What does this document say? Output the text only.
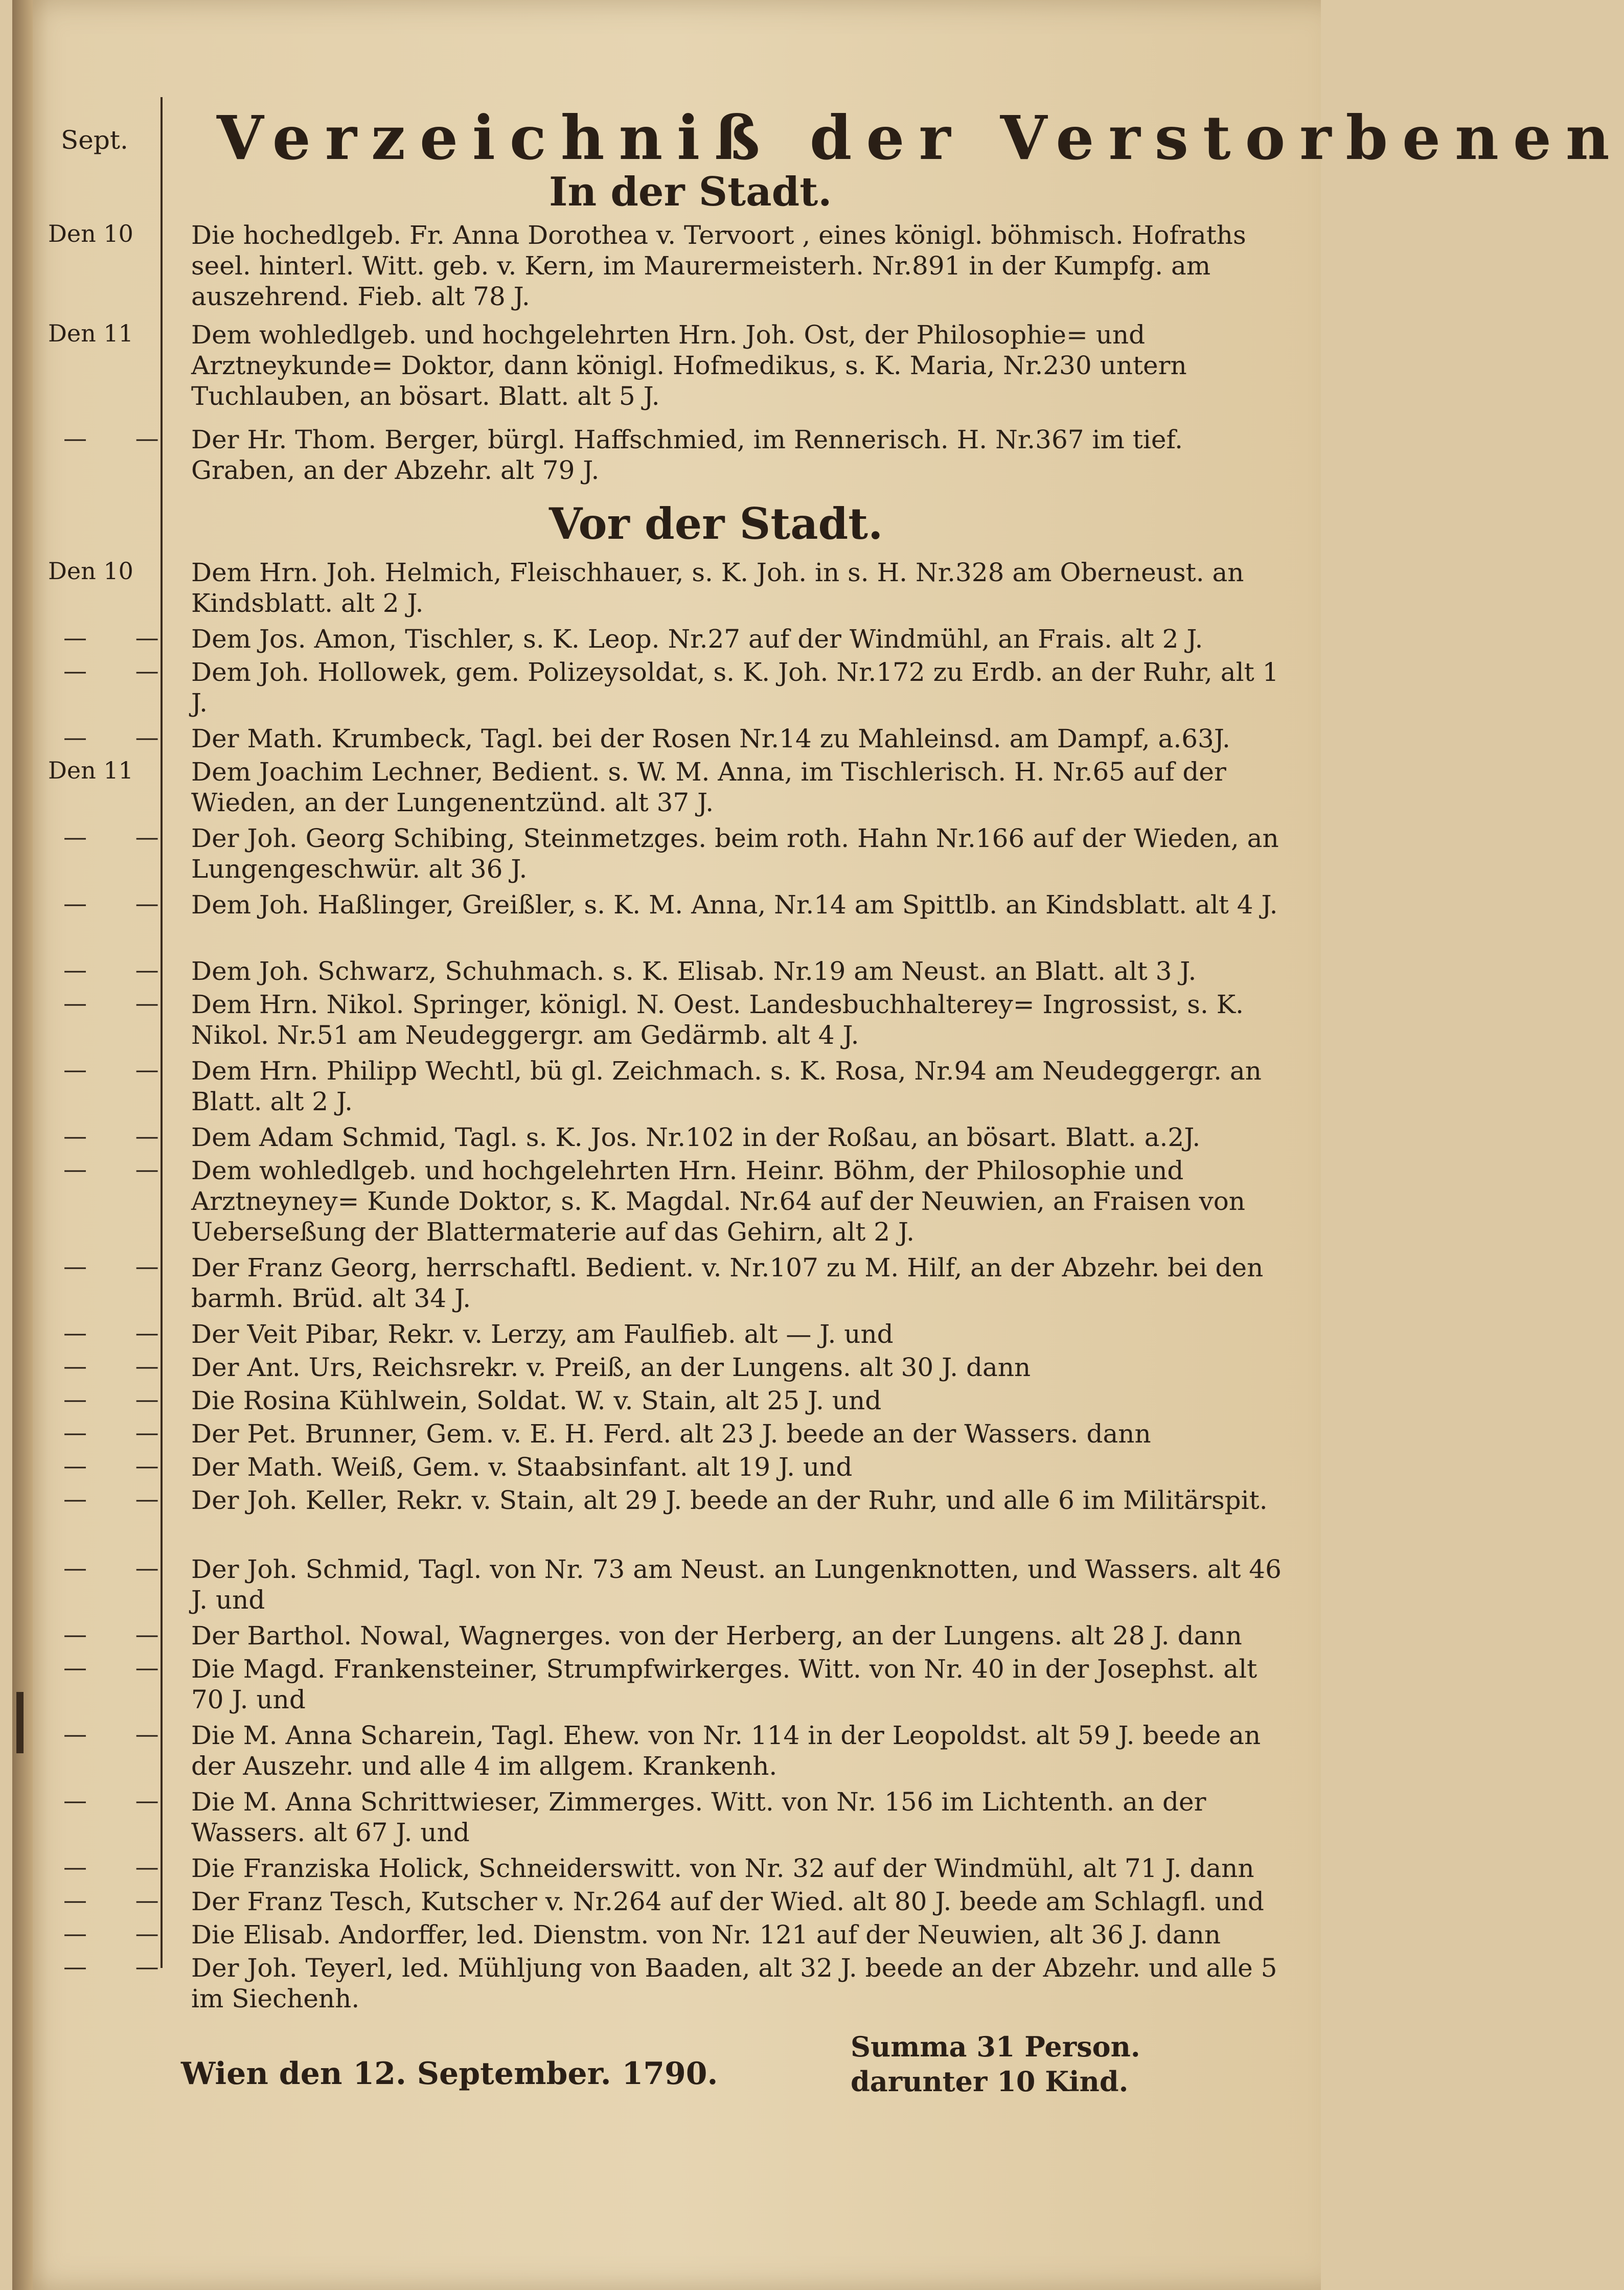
Sept. Verzeichniß der Verstorbenen
In der Stadt.
Den 10 Die hochedlgeb. Fr. Anna Dorothea v. Tervoort , eines königl. böhmisch. Hofraths seel. hinterl. Witt. geb. v. Kern, im Maurermeisterh. Nr.891 in der Kumpfg. am auszehrend. Fieb. alt 78 J.
Den 11 Dem wohledlgeb. und hochgelehrten Hrn. Joh. Ost, der Philosophie= und Arztneykunde= Doktor, dann königl. Hofmedikus, s. K. Maria, Nr.230 untern Tuchlauben, an bösart. Blatt. alt 5 J.
— — Der Hr. Thom. Berger, bürgl. Haffschmied, im Rennerisch. H. Nr.367 im tief. Graben, an der Abzehr. alt 79 J.
Vor der Stadt.
Den 10 Dem Hrn. Joh. Helmich, Fleischhauer, s. K. Joh. in s. H. Nr.328 am Oberneust. an Kindsblatt. alt 2 J.
— — Dem Jos. Amon, Tischler, s. K. Leop. Nr.27 auf der Windmühl, an Frais. alt 2 J.
— — Dem Joh. Hollowek, gem. Polizeysoldat, s. K. Joh. Nr.172 zu Erdb. an der Ruhr, alt 1 J.
— — Der Math. Krumbeck, Tagl. bei der Rosen Nr.14 zu Mahleinsd. am Dampf, a.63J.
Den 11 Dem Joachim Lechner, Bedient. s. W. M. Anna, im Tischlerisch. H. Nr.65 auf der Wieden, an der Lungenentzünd. alt 37 J.
— — Der Joh. Georg Schibing, Steinmetzges. beim roth. Hahn Nr.166 auf der Wieden, an Lungengeschwür. alt 36 J.
— — Dem Joh. Haßlinger, Greißler, s. K. M. Anna, Nr.14 am Spittlb. an Kindsblatt. alt 4 J.
— — Dem Joh. Schwarz, Schuhmach. s. K. Elisab. Nr.19 am Neust. an Blatt. alt 3 J.
— — Dem Hrn. Nikol. Springer, königl. N. Oest. Landesbuchhalterey= Ingrossist, s. K. Nikol. Nr.51 am Neudeggergr. am Gedärmb. alt 4 J.
— — Dem Hrn. Philipp Wechtl, bü gl. Zeichmach. s. K. Rosa, Nr.94 am Neudeggergr. an Blatt. alt 2 J.
— — Dem Adam Schmid, Tagl. s. K. Jos. Nr.102 in der Roßau, an bösart. Blatt. a.2J.
— — Dem wohledlgeb. und hochgelehrten Hrn. Heinr. Böhm, der Philosophie und Arztneyney= Kunde Doktor, s. K. Magdal. Nr.64 auf der Neuwien, an Fraisen von Ueberseßung der Blattermaterie auf das Gehirn, alt 2 J.
— — Der Franz Georg, herrschaftl. Bedient. v. Nr.107 zu M. Hilf, an der Abzehr. bei den barmh. Brüd. alt 34 J.
— — Der Veit Pibar, Rekr. v. Lerzy, am Faulfieb. alt — J. und
— — Der Ant. Urs, Reichsrekr. v. Preiß, an der Lungens. alt 30 J. dann
— — Die Rosina Kühlwein, Soldat. W. v. Stain, alt 25 J. und
— — Der Pet. Brunner, Gem. v. E. H. Ferd. alt 23 J. beede an der Wassers. dann
— — Der Math. Weiß, Gem. v. Staabsinfant. alt 19 J. und
— — Der Joh. Keller, Rekr. v. Stain, alt 29 J. beede an der Ruhr, und alle 6 im Militärspit.
— — Der Joh. Schmid, Tagl. von Nr. 73 am Neust. an Lungenknotten, und Wassers. alt 46 J. und
— — Der Barthol. Nowal, Wagnerges. von der Herberg, an der Lungens. alt 28 J. dann
— — Die Magd. Frankensteiner, Strumpfwirkerges. Witt. von Nr. 40 in der Josephst. alt 70 J. und
— — Die M. Anna Scharein, Tagl. Ehew. von Nr. 114 in der Leopoldst. alt 59 J. beede an der Auszehr. und alle 4 im allgem. Krankenh.
— — Die M. Anna Schrittwieser, Zimmerges. Witt. von Nr. 156 im Lichtenth. an der Wassers. alt 67 J. und
— — Die Franziska Holick, Schneiderswitt. von Nr. 32 auf der Windmühl, alt 71 J. dann
— — Der Franz Tesch, Kutscher v. Nr.264 auf der Wied. alt 80 J. beede am Schlagfl. und
— — Die Elisab. Andorffer, led. Dienstm. von Nr. 121 auf der Neuwien, alt 36 J. dann
— — Der Joh. Teyerl, led. Mühljung von Baaden, alt 32 J. beede an der Abzehr. und alle 5 im Siechenh.
Summa 31 Person.
darunter 10 Kind.
Wien den 12. September. 1790.
